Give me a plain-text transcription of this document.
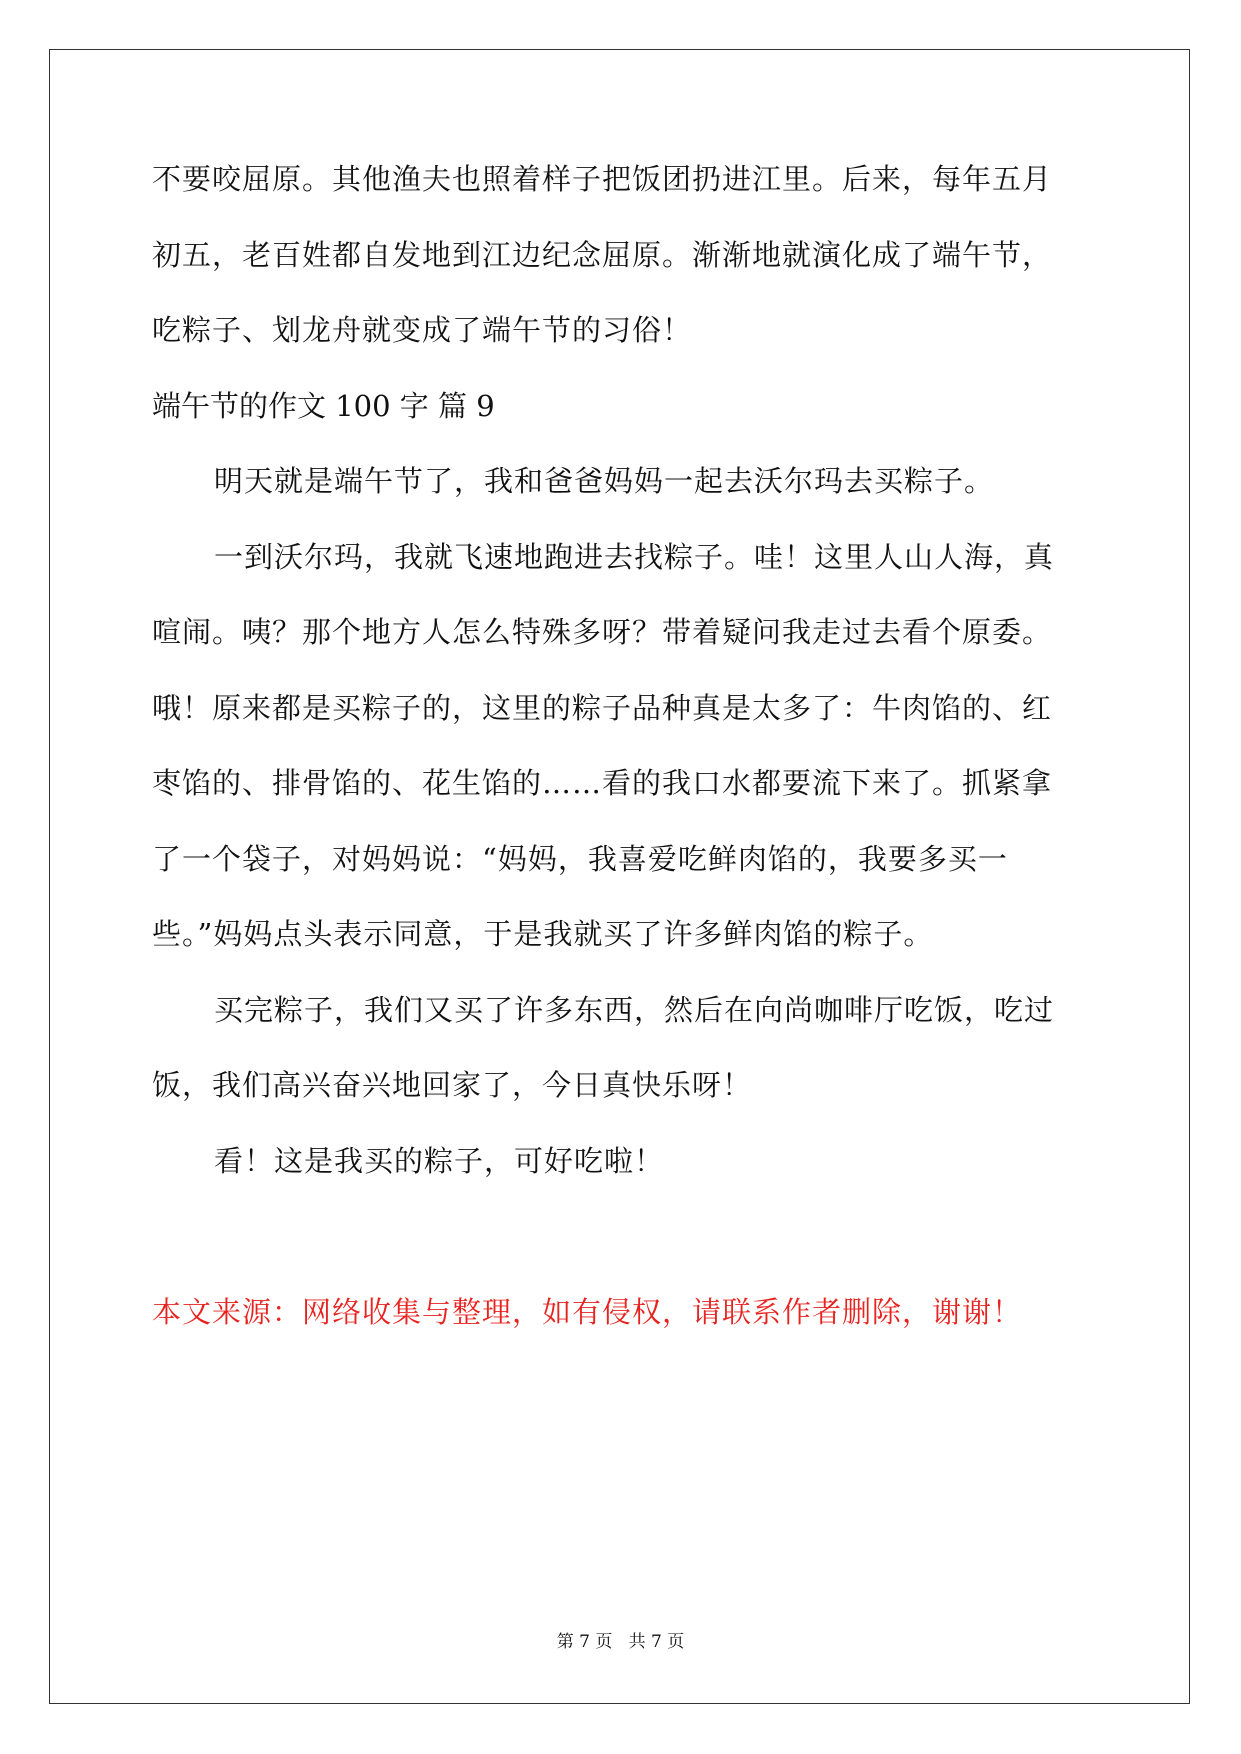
不要咬屈原。其他渔夫也照着样子把饭团扔进江里。后来，每年五月
初五，老百姓都自发地到江边纪念屈原。渐渐地就演化成了端午节，
吃粽子、划龙舟就变成了端午节的习俗！
端午节的作文 100 字 篇 9
明天就是端午节了，我和爸爸妈妈一起去沃尔玛去买粽子。
一到沃尔玛，我就飞速地跑进去找粽子。哇！这里人山人海，真
喧闹。咦？那个地方人怎么特殊多呀？带着疑问我走过去看个原委。
哦！原来都是买粽子的，这里的粽子品种真是太多了：牛肉馅的、红
枣馅的、排骨馅的、花生馅的……看的我口水都要流下来了。抓紧拿
了一个袋子，对妈妈说：“妈妈，我喜爱吃鲜肉馅的，我要多买一
些。”妈妈点头表示同意，于是我就买了许多鲜肉馅的粽子。
买完粽子，我们又买了许多东西，然后在向尚咖啡厅吃饭，吃过
饭，我们高兴奋兴地回家了，今日真快乐呀！
看！这是我买的粽子，可好吃啦！
本文来源：网络收集与整理，如有侵权，请联系作者删除，谢谢！
第 7 页   共 7 页
